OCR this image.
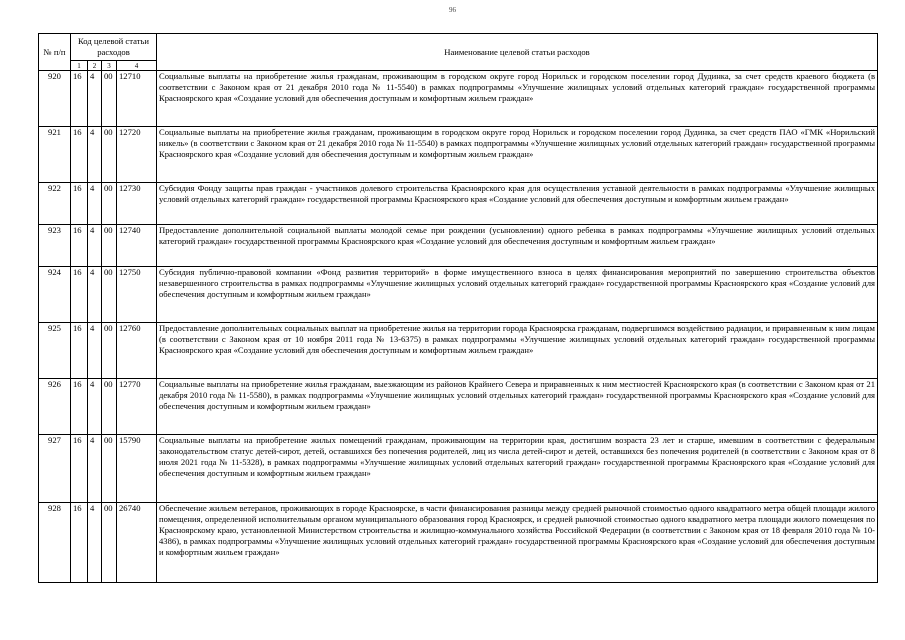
96
№ п/п	Код целевой статьи расходов				Наименование целевой статьи расходов
	1	2	3	4	
920	16	4	00	12710	Социальные выплаты на приобретение жилья гражданам, проживающим в городском округе город Норильск и городском поселении город Дудинка, за счет средств краевого бюджета (в соответствии с Законом края от 21 декабря 2010 года № 11-5540) в рамках подпрограммы «Улучшение жилищных условий отдельных категорий граждан» государственной программы Красноярского края «Создание условий для обеспечения доступным и комфортным жильем граждан»
921	16	4	00	12720	Социальные выплаты на приобретение жилья гражданам, проживающим в городском округе город Норильск и городском поселении город Дудинка, за счет средств ПАО «ГМК «Норильский никель» (в соответствии с Законом края от 21 декабря 2010 года № 11-5540) в рамках подпрограммы «Улучшение жилищных условий отдельных категорий граждан» государственной программы Красноярского края «Создание условий для обеспечения доступным и комфортным жильем граждан»
922	16	4	00	12730	Субсидия Фонду защиты прав граждан - участников долевого строительства Красноярского края для осуществления уставной деятельности в рамках подпрограммы «Улучшение жилищных условий отдельных категорий граждан» государственной программы Красноярского края «Создание условий для обеспечения доступным и комфортным жильем граждан»
923	16	4	00	12740	Предоставление дополнительной социальной выплаты молодой семье при рождении (усыновлении) одного ребенка в рамках подпрограммы «Улучшение жилищных условий отдельных категорий граждан» государственной программы Красноярского края «Создание условий для обеспечения доступным и комфортным жильем граждан»
924	16	4	00	12750	Субсидия публично-правовой компании «Фонд развития территорий» в форме имущественного взноса в целях финансирования мероприятий по завершению строительства объектов незавершенного строительства в рамках подпрограммы «Улучшение жилищных условий отдельных категорий граждан» государственной программы Красноярского края «Создание условий для обеспечения доступным и комфортным жильем граждан»
925	16	4	00	12760	Предоставление дополнительных социальных выплат на приобретение жилья на территории города Красноярска гражданам, подвергшимся воздействию радиации, и приравненным к ним лицам (в соответствии с Законом края от 10 ноября 2011 года № 13-6375) в рамках подпрограммы «Улучшение жилищных условий отдельных категорий граждан» государственной программы Красноярского края «Создание условий для обеспечения доступным и комфортным жильем граждан»
926	16	4	00	12770	Социальные выплаты на приобретение жилья гражданам, выезжающим из районов Крайнего Севера и приравненных к ним местностей Красноярского края (в соответствии с Законом края от 21 декабря 2010 года № 11-5580), в рамках подпрограммы «Улучшение жилищных условий отдельных категорий граждан» государственной программы Красноярского края «Создание условий для обеспечения доступным и комфортным жильем граждан»
927	16	4	00	15790	Социальные выплаты на приобретение жилых помещений гражданам, проживающим на территории края, достигшим возраста 23 лет и старше, имевшим в соответствии с федеральным законодательством статус детей-сирот, детей, оставшихся без попечения родителей, лиц из числа детей-сирот и детей, оставшихся без попечения родителей (в соответствии с Законом края от 8 июля 2021 года № 11-5328), в рамках подпрограммы «Улучшение жилищных условий отдельных категорий граждан» государственной программы Красноярского края «Создание условий для обеспечения доступным и комфортным жильем граждан»
928	16	4	00	26740	Обеспечение жильем ветеранов, проживающих в городе Красноярске, в части финансирования разницы между средней рыночной стоимостью одного квадратного метра общей площади жилого помещения, определенной исполнительным органом муниципального образования город Красноярск, и средней рыночной стоимостью одного квадратного метра площади жилого помещения по Красноярскому краю, установленной Министерством строительства и жилищно-коммунального хозяйства Российской Федерации (в соответствии с Законом края от 18 февраля 2010 года № 10-4386), в рамках подпрограммы «Улучшение жилищных условий отдельных категорий граждан» государственной программы Красноярского края «Создание условий для обеспечения доступным и комфортным жильем граждан»
